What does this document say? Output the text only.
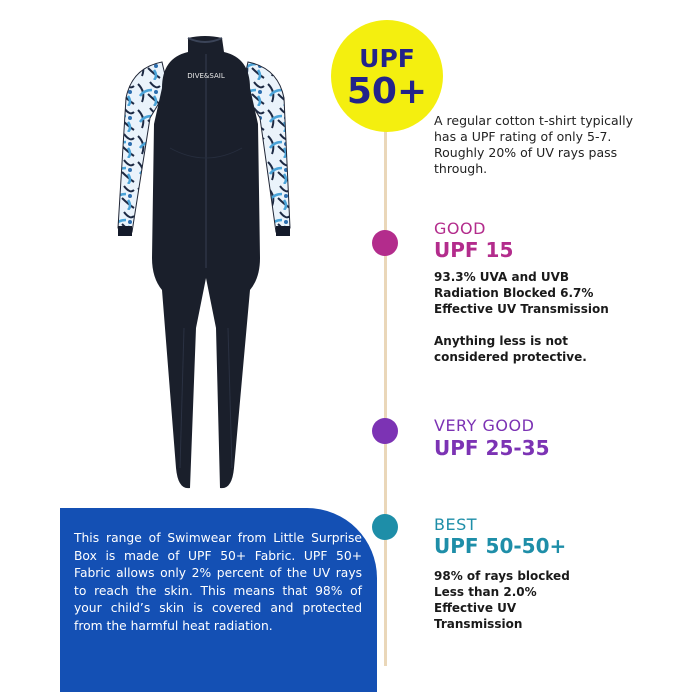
DIVE&SAIL
UPF
50+
A regular cotton t-shirt typically has a UPF rating of only 5-7. Roughly 20% of UV rays pass through.
GOOD
UPF 15
93.3% UVA and UVB Radiation Blocked 6.7% Effective UV Transmission
Anything less is not considered protective.
VERY GOOD
UPF 25-35
BEST
UPF 50-50+
98% of rays blocked Less than 2.0% Effective UV Transmission

This range of Swimwear from Little Surprise Box is made of UPF 50+ Fabric. UPF 50+ Fabric allows only 2% percent of the UV rays to reach the skin. This means that 98% of your child’s skin is covered and protected from the harmful heat radiation.
